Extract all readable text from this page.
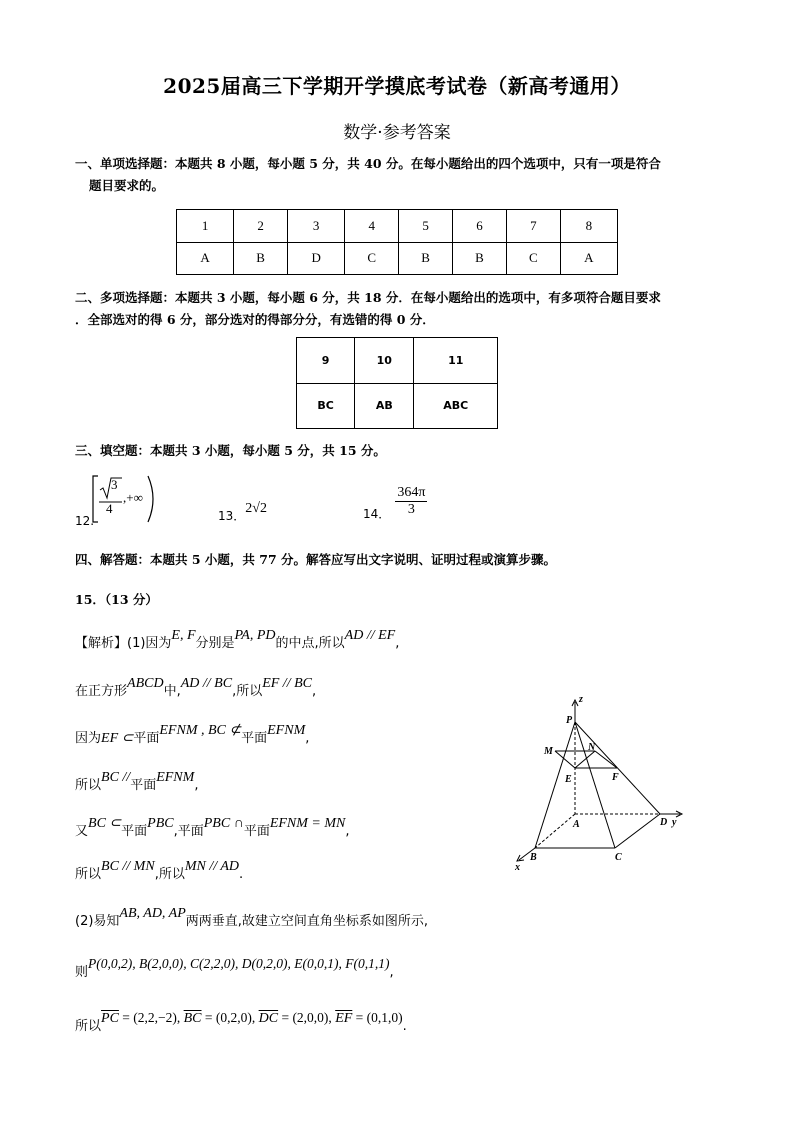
2025届高三下学期开学摸底考试卷（新高考通用）
数学·参考答案
一、单项选择题：本题共 8 小题，每小题 5 分，共 40 分。在每小题给出的四个选项中，只有一项是符合
题目要求的。
1	2	3	4	5	6	7	8
A	B	D	C	B	B	C	A
二、多项选择题：本题共 3 小题，每小题 6 分，共 18 分．在每小题给出的选项中，有多项符合题目要求
．全部选对的得 6 分，部分选对的得部分分，有选错的得 0 分．
9	10	11
BC	AB	ABC
三、填空题：本题共 3 小题，每小题 5 分，共 15 分。
12.
3
4
,+∞
13．2√2	$_{14.} \frac{364\pi}{3}$
四、解答题：本题共 5 小题，共 77 分。解答应写出文字说明、证明过程或演算步骤。
15．（13 分）
【解析】(1)因为E, F分别是PA, PD的中点,所以AD // EF,
在正方形ABCD中,AD // BC,所以EF // BC,
因为EF ⊂平面EFNM , BC ⊄平面EFNM,
所以BC //平面EFNM,
又BC ⊂平面PBC,平面PBC ∩平面EFNM = MN,
所以BC // MN,所以MN // AD.
(2)易知AB, AD, AP两两垂直,故建立空间直角坐标系如图所示,
则P(0,0,2), B(2,0,0), C(2,2,0), D(0,2,0), E(0,0,1), F(0,1,1),
所以$\overline{PC} = (2,2,-2)$, $\overline{BC} = (0,2,0)$, $\overline{DC} = (2,0,0)$, $\overline{EF} = (0,1,0)$.
P
z
M	N
E	F
A	D y
B	C
x
